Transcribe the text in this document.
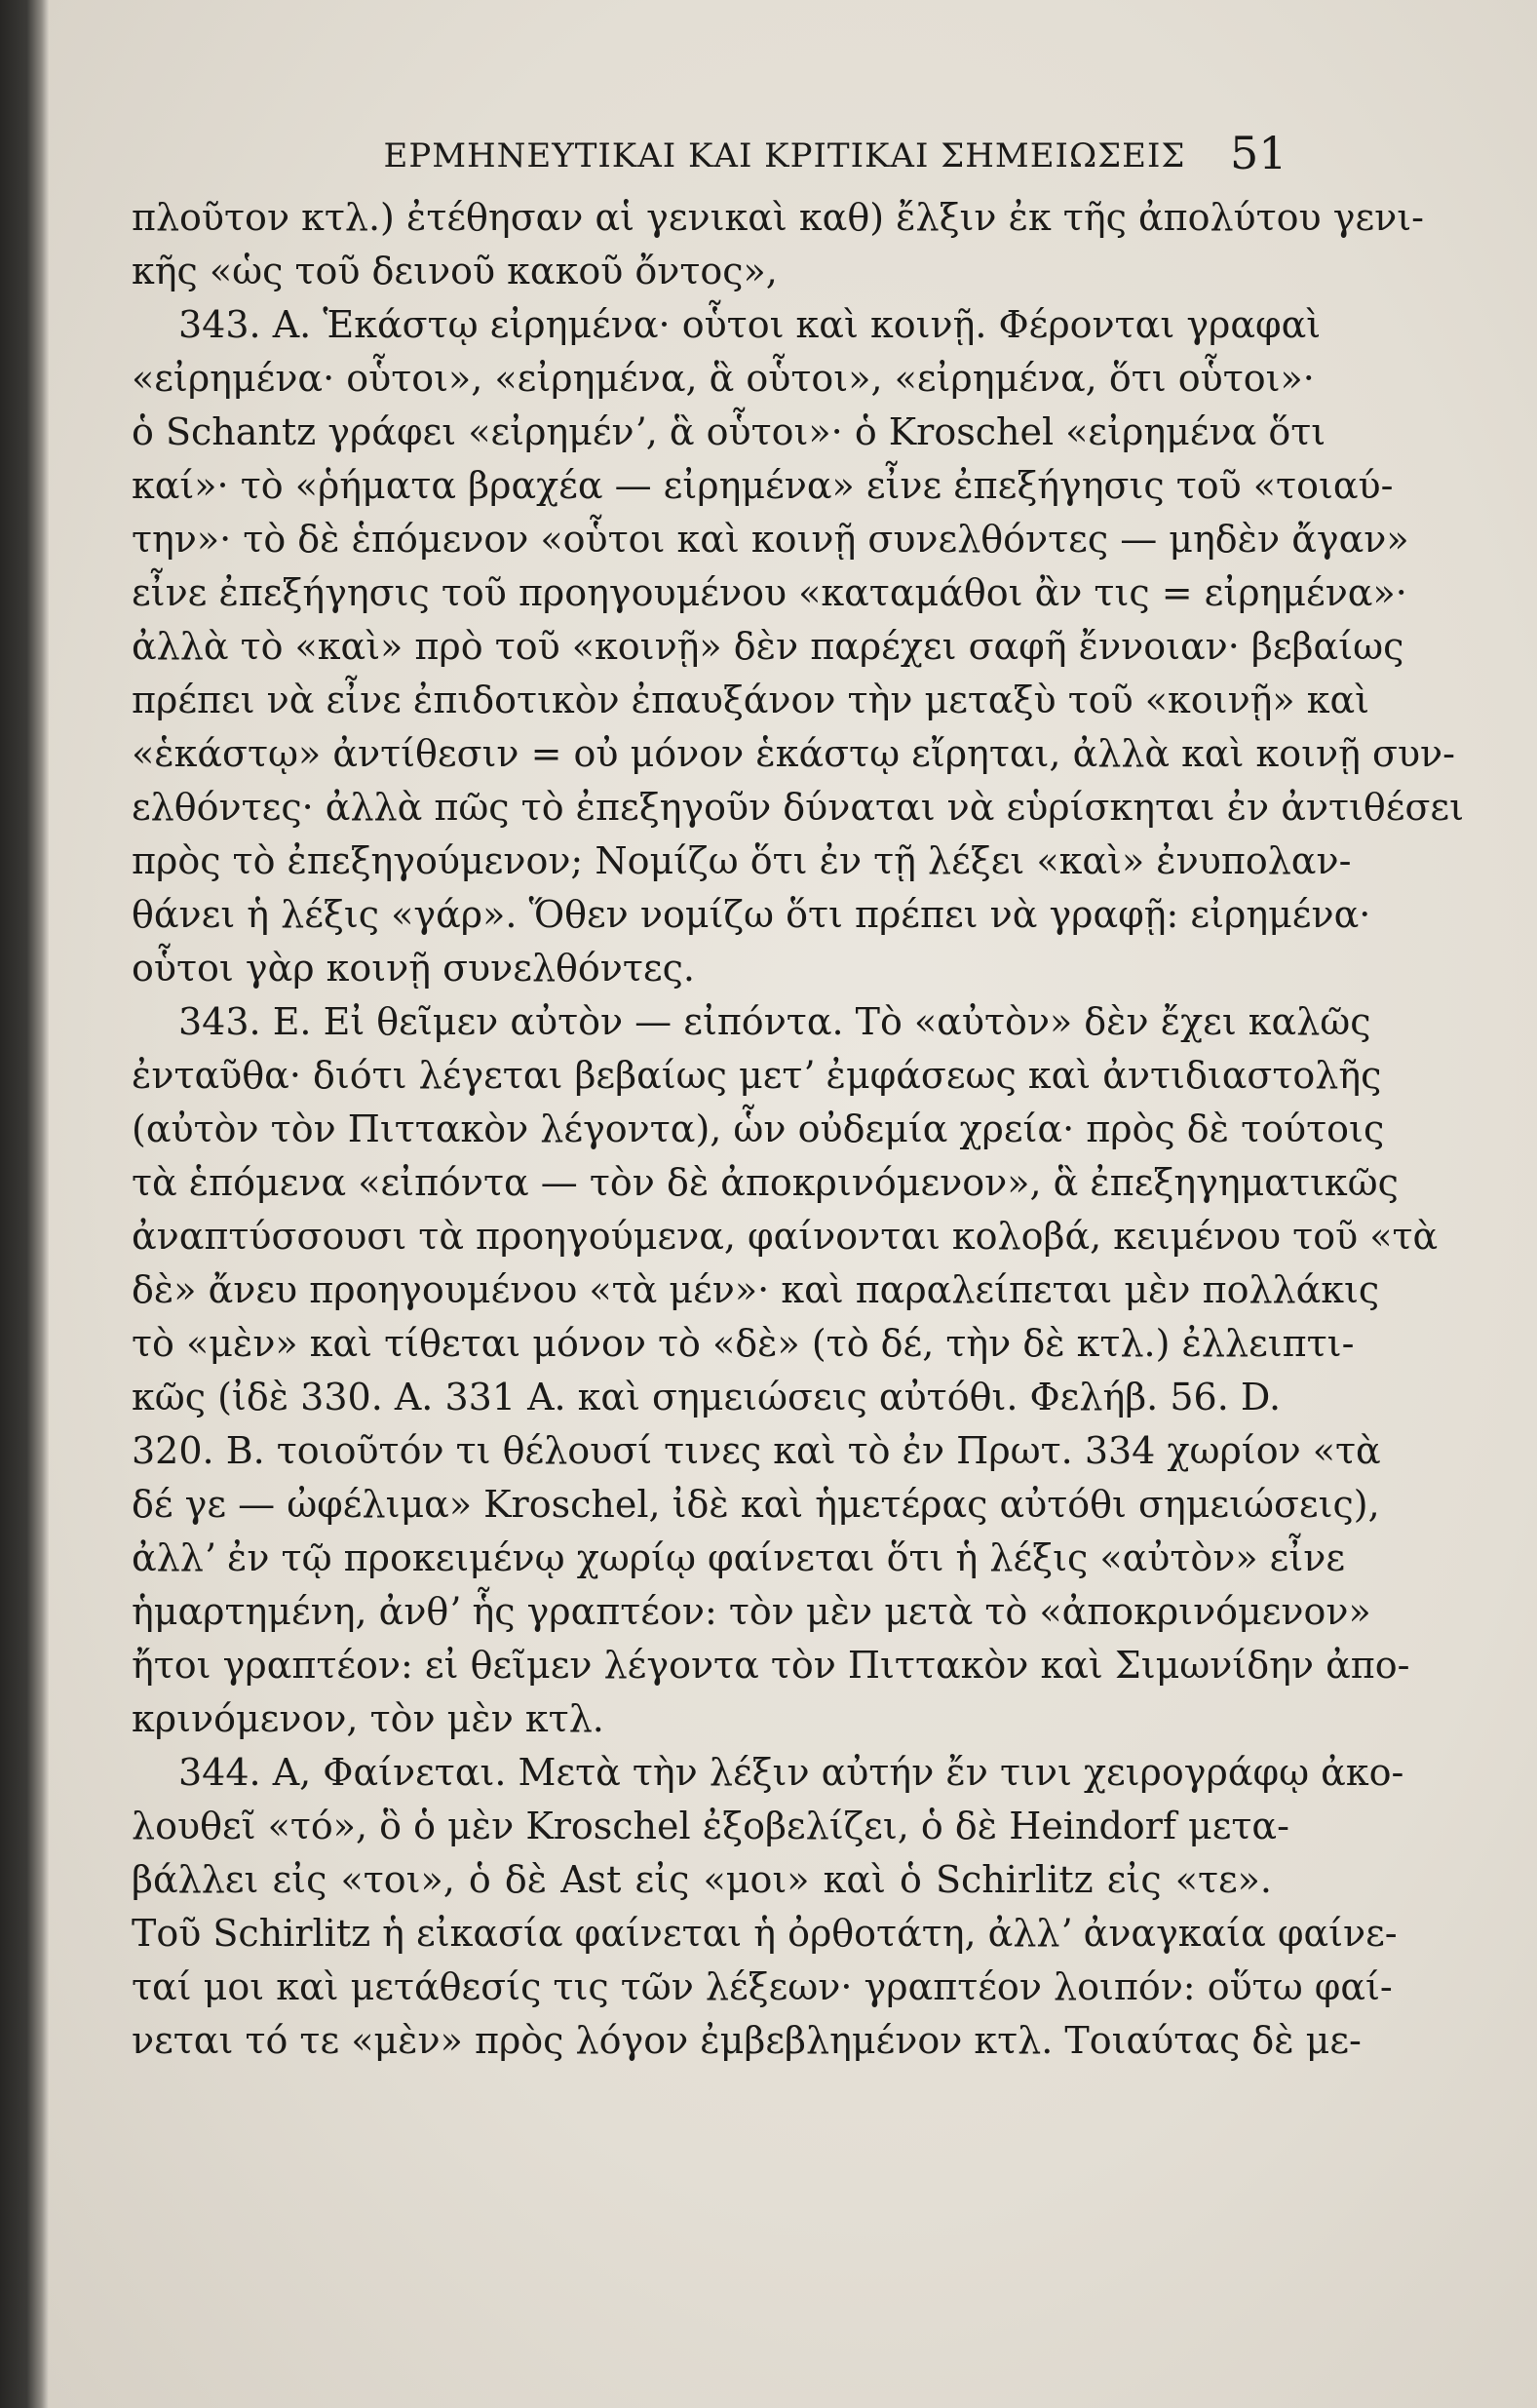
ΕΡΜΗΝΕΥΤΙΚΑΙ ΚΑΙ ΚΡΙΤΙΚΑΙ ΣΗΜΕΙΩΣΕΙΣ 51
πλοῦτον κτλ.) ἐτέθησαν αἱ γενικαὶ καθ) ἔλξιν ἐκ τῆς ἀπολύτου γενι-
κῆς «ὡς τοῦ δεινοῦ κακοῦ ὄντος»,
343. Α. Ἑκάστῳ εἰρημένα· οὗτοι καὶ κοινῇ. Φέρονται γραφαὶ
«εἰρημένα· οὗτοι», «εἰρημένα, ἃ οὗτοι», «εἰρημένα, ὅτι οὗτοι»·
ὁ Schantz γράφει «εἰρημένʼ, ἃ οὗτοι»· ὁ Kroschel «εἰρημένα ὅτι
καί»· τὸ «ῥήματα βραχέα — εἰρημένα» εἶνε ἐπεξήγησις τοῦ «τοιαύ-
την»· τὸ δὲ ἑπόμενον «οὗτοι καὶ κοινῇ συνελθόντες — μηδὲν ἄγαν»
εἶνε ἐπεξήγησις τοῦ προηγουμένου «καταμάθοι ἂν τις = εἰρημένα»·
ἀλλὰ τὸ «καὶ» πρὸ τοῦ «κοινῇ» δὲν παρέχει σαφῆ ἔννοιαν· βεβαίως
πρέπει νὰ εἶνε ἐπιδοτικὸν ἐπαυξάνον τὴν μεταξὺ τοῦ «κοινῇ» καὶ
«ἑκάστῳ» ἀντίθεσιν = οὐ μόνον ἑκάστῳ εἴρηται, ἀλλὰ καὶ κοινῇ συν-
ελθόντες· ἀλλὰ πῶς τὸ ἐπεξηγοῦν δύναται νὰ εὑρίσκηται ἐν ἀντιθέσει
πρὸς τὸ ἐπεξηγούμενον; Νομίζω ὅτι ἐν τῇ λέξει «καὶ» ἐνυπολαν-
θάνει ἡ λέξις «γάρ». Ὅθεν νομίζω ὅτι πρέπει νὰ γραφῇ: εἰρημένα·
οὗτοι γὰρ κοινῇ συνελθόντες.
343. Ε. Εἰ θεῖμεν αὐτὸν — εἰπόντα. Τὸ «αὐτὸν» δὲν ἔχει καλῶς
ἐνταῦθα· διότι λέγεται βεβαίως μετʼ ἐμφάσεως καὶ ἀντιδιαστολῆς
(αὐτὸν τὸν Πιττακὸν λέγοντα), ὧν οὐδεμία χρεία· πρὸς δὲ τούτοις
τὰ ἑπόμενα «εἰπόντα — τὸν δὲ ἀποκρινόμενον», ἃ ἐπεξηγηματικῶς
ἀναπτύσσουσι τὰ προηγούμενα, φαίνονται κολοβά, κειμένου τοῦ «τὰ
δὲ» ἄνευ προηγουμένου «τὰ μέν»· καὶ παραλείπεται μὲν πολλάκις
τὸ «μὲν» καὶ τίθεται μόνον τὸ «δὲ» (τὸ δέ, τὴν δὲ κτλ.) ἐλλειπτι-
κῶς (ἰδὲ 330. Α. 331 Α. καὶ σημειώσεις αὐτόθι. Φελήβ. 56. D.
320. Β. τοιοῦτόν τι θέλουσί τινες καὶ τὸ ἐν Πρωτ. 334 χωρίον «τὰ
δέ γε — ὠφέλιμα» Kroschel, ἰδὲ καὶ ἡμετέρας αὐτόθι σημειώσεις),
ἀλλʼ ἐν τῷ προκειμένῳ χωρίῳ φαίνεται ὅτι ἡ λέξις «αὐτὸν» εἶνε
ἡμαρτημένη, ἀνθʼ ἧς γραπτέον: τὸν μὲν μετὰ τὸ «ἀποκρινόμενον»
ἤτοι γραπτέον: εἰ θεῖμεν λέγοντα τὸν Πιττακὸν καὶ Σιμωνίδην ἀπο-
κρινόμενον, τὸν μὲν κτλ.
344. Α, Φαίνεται. Μετὰ τὴν λέξιν αὐτήν ἔν τινι χειρογράφῳ ἀκο-
λουθεῖ «τό», ὃ ὁ μὲν Kroschel ἐξοβελίζει, ὁ δὲ Heindorf μετα-
βάλλει εἰς «τοι», ὁ δὲ Ast εἰς «μοι» καὶ ὁ Schirlitz εἰς «τε».
Τοῦ Schirlitz ἡ εἰκασία φαίνεται ἡ ὀρθοτάτη, ἀλλʼ ἀναγκαία φαίνε-
ταί μοι καὶ μετάθεσίς τις τῶν λέξεων· γραπτέον λοιπόν: οὕτω φαί-
νεται τό τε «μὲν» πρὸς λόγον ἐμβεβλημένον κτλ. Τοιαύτας δὲ με-
